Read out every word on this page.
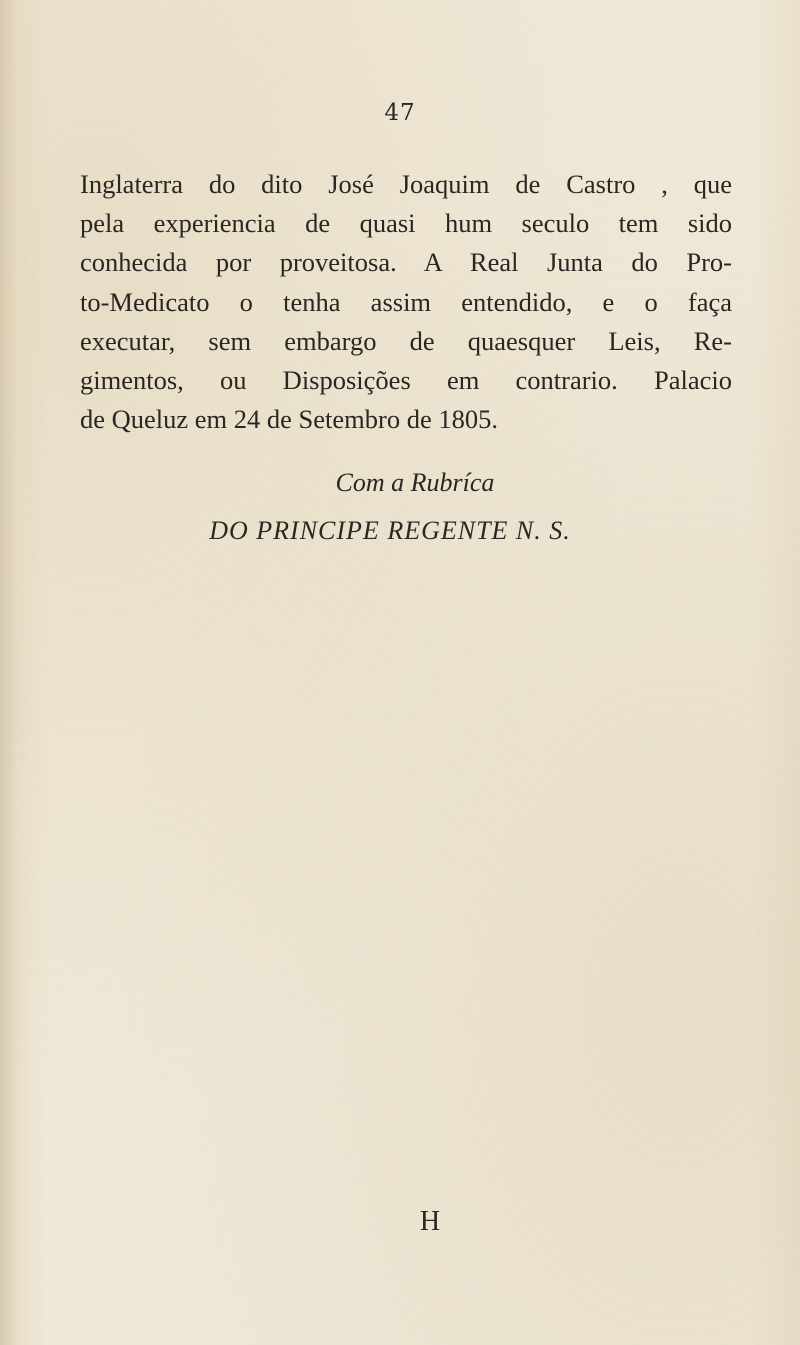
47
Inglaterra do dito José Joaquim de Castro , que
pela experiencia de quasi hum seculo tem sido
conhecida por proveitosa. A Real Junta do Pro-
to-Medicato o tenha assim entendido, e o faça
executar, sem embargo de quaesquer Leis, Re-
gimentos, ou Disposições em contrario. Palacio
de Queluz em 24 de Setembro de 1805.
Com a Rubríca
DO PRINCIPE REGENTE N. S.
H
